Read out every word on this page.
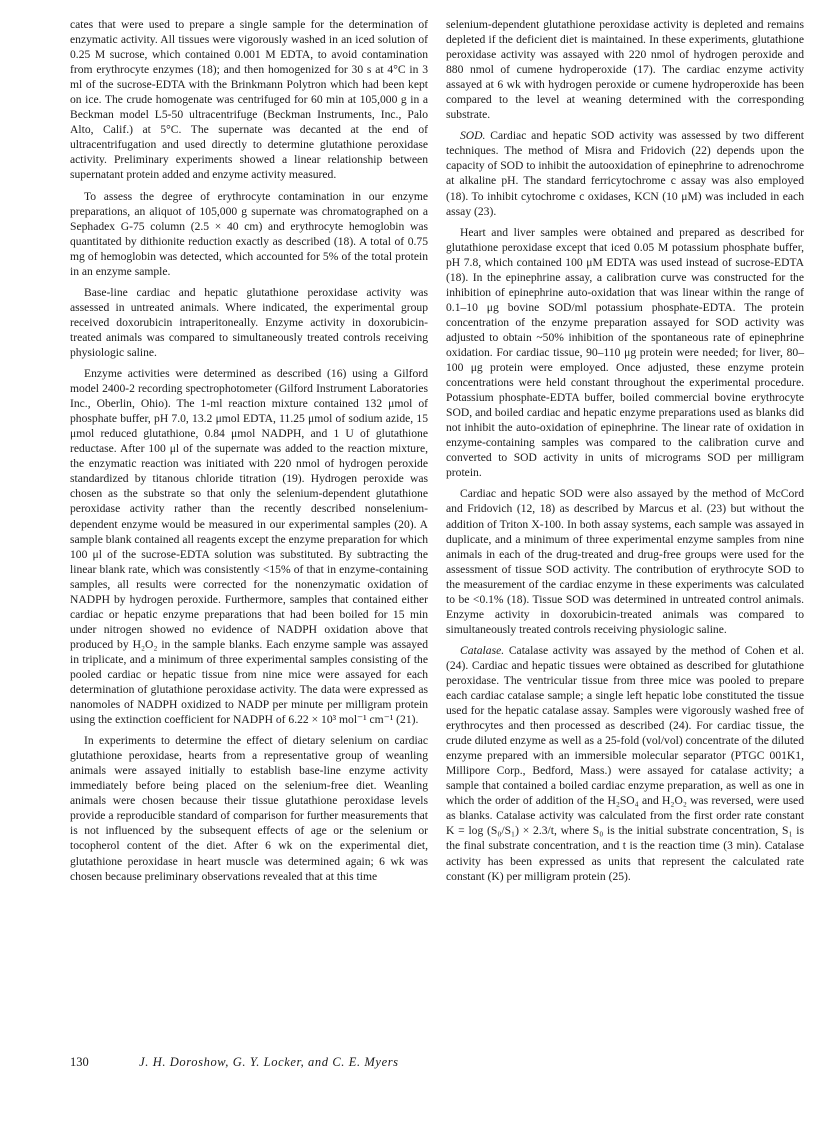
cates that were used to prepare a single sample for the determination of enzymatic activity. All tissues were vigorously washed in an iced solution of 0.25 M sucrose, which contained 0.001 M EDTA, to avoid contamination from erythrocyte enzymes (18); and then homogenized for 30 s at 4°C in 3 ml of the sucrose-EDTA with the Brinkmann Polytron which had been kept on ice. The crude homogenate was centrifuged for 60 min at 105,000 g in a Beckman model L5-50 ultracentrifuge (Beckman Instruments, Inc., Palo Alto, Calif.) at 5°C. The supernate was decanted at the end of ultracentrifugation and used directly to determine glutathione peroxidase activity. Preliminary experiments showed a linear relationship between supernatant protein added and enzyme activity measured.

To assess the degree of erythrocyte contamination in our enzyme preparations, an aliquot of 105,000 g supernate was chromatographed on a Sephadex G-75 column (2.5 × 40 cm) and erythrocyte hemoglobin was quantitated by dithionite reduction exactly as described (18). A total of 0.75 mg of hemoglobin was detected, which accounted for 5% of the total protein in an enzyme sample.

Base-line cardiac and hepatic glutathione peroxidase activity was assessed in untreated animals. Where indicated, the experimental group received doxorubicin intraperitoneally. Enzyme activity in doxorubicin-treated animals was compared to simultaneously treated controls receiving physiologic saline.

Enzyme activities were determined as described (16) using a Gilford model 2400-2 recording spectrophotometer (Gilford Instrument Laboratories Inc., Oberlin, Ohio). The 1-ml reaction mixture contained 132 μmol of phosphate buffer, pH 7.0, 13.2 μmol EDTA, 11.25 μmol of sodium azide, 15 μmol reduced glutathione, 0.84 μmol NADPH, and 1 U of glutathione reductase. After 100 μl of the supernate was added to the reaction mixture, the enzymatic reaction was initiated with 220 nmol of hydrogen peroxide standardized by titanous chloride titration (19). Hydrogen peroxide was chosen as the substrate so that only the selenium-dependent glutathione peroxidase activity rather than the recently described nonselenium-dependent enzyme would be measured in our experimental samples (20). A sample blank contained all reagents except the enzyme preparation for which 100 μl of the sucrose-EDTA solution was substituted. By subtracting the linear blank rate, which was consistently <15% of that in enzyme-containing samples, all results were corrected for the nonenzymatic oxidation of NADPH by hydrogen peroxide. Furthermore, samples that contained either cardiac or hepatic enzyme preparations that had been boiled for 15 min under nitrogen showed no evidence of NADPH oxidation above that produced by H₂O₂ in the sample blanks. Each enzyme sample was assayed in triplicate, and a minimum of three experimental samples consisting of the pooled cardiac or hepatic tissue from nine mice were assayed for each determination of glutathione peroxidase activity. The data were expressed as nanomoles of NADPH oxidized to NADP per minute per milligram protein using the extinction coefficient for NADPH of 6.22 × 10³ mol⁻¹ cm⁻¹ (21).

In experiments to determine the effect of dietary selenium on cardiac glutathione peroxidase, hearts from a representative group of weanling animals were assayed initially to establish base-line enzyme activity immediately before being placed on the selenium-free diet. Weanling animals were chosen because their tissue glutathione peroxidase levels provide a reproducible standard of comparison for further measurements that is not influenced by the subsequent effects of age or the selenium or tocopherol content of the diet. After 6 wk on the experimental diet, glutathione peroxidase in heart muscle was determined again; 6 wk was chosen because preliminary observations revealed that at this time

selenium-dependent glutathione peroxidase activity is depleted and remains depleted if the deficient diet is maintained. In these experiments, glutathione peroxidase activity was assayed with 220 nmol of hydrogen peroxide and 880 nmol of cumene hydroperoxide (17). The cardiac enzyme activity assayed at 6 wk with hydrogen peroxide or cumene hydroperoxide has been compared to the level at weaning determined with the corresponding substrate.

SOD. Cardiac and hepatic SOD activity was assessed by two different techniques. The method of Misra and Fridovich (22) depends upon the capacity of SOD to inhibit the autooxidation of epinephrine to adrenochrome at alkaline pH. The standard ferricytochrome c assay was also employed (18). To inhibit cytochrome c oxidases, KCN (10 μM) was included in each assay (23).

Heart and liver samples were obtained and prepared as described for glutathione peroxidase except that iced 0.05 M potassium phosphate buffer, pH 7.8, which contained 100 μM EDTA was used instead of sucrose-EDTA (18). In the epinephrine assay, a calibration curve was constructed for the inhibition of epinephrine auto-oxidation that was linear within the range of 0.1–10 μg bovine SOD/ml potassium phosphate-EDTA. The protein concentration of the enzyme preparation assayed for SOD activity was adjusted to obtain ~50% inhibition of the spontaneous rate of epinephrine oxidation. For cardiac tissue, 90–110 μg protein were needed; for liver, 80–100 μg protein were employed. Once adjusted, these enzyme protein concentrations were held constant throughout the experimental procedure. Potassium phosphate-EDTA buffer, boiled commercial bovine erythrocyte SOD, and boiled cardiac and hepatic enzyme preparations used as blanks did not inhibit the auto-oxidation of epinephrine. The linear rate of oxidation in enzyme-containing samples was compared to the calibration curve and converted to SOD activity in units of micrograms SOD per milligram protein.

Cardiac and hepatic SOD were also assayed by the method of McCord and Fridovich (12, 18) as described by Marcus et al. (23) but without the addition of Triton X-100. In both assay systems, each sample was assayed in duplicate, and a minimum of three experimental enzyme samples from nine animals in each of the drug-treated and drug-free groups were used for the assessment of tissue SOD activity. The contribution of erythrocyte SOD to the measurement of the cardiac enzyme in these experiments was calculated to be <0.1% (18). Tissue SOD was determined in untreated control animals. Enzyme activity in doxorubicin-treated animals was compared to simultaneously treated controls receiving physiologic saline.

Catalase. Catalase activity was assayed by the method of Cohen et al. (24). Cardiac and hepatic tissues were obtained as described for glutathione peroxidase. The ventricular tissue from three mice was pooled to prepare each cardiac catalase sample; a single left hepatic lobe constituted the tissue used for the hepatic catalase assay. Samples were vigorously washed free of erythrocytes and then processed as described (24). For cardiac tissue, the crude diluted enzyme as well as a 25-fold (vol/vol) concentrate of the diluted enzyme prepared with an immersible molecular separator (PTGC 001K1, Millipore Corp., Bedford, Mass.) were assayed for catalase activity; a sample that contained a boiled cardiac enzyme preparation, as well as one in which the order of addition of the H₂SO₄ and H₂O₂ was reversed, were used as blanks. Catalase activity was calculated from the first order rate constant K = log (S₀/S₁) × 2.3/t, where S₀ is the initial substrate concentration, S₁ is the final substrate concentration, and t is the reaction time (3 min). Catalase activity has been expressed as units that represent the calculated rate constant (K) per milligram protein (25).

130	J. H. Doroshow, G. Y. Locker, and C. E. Myers
